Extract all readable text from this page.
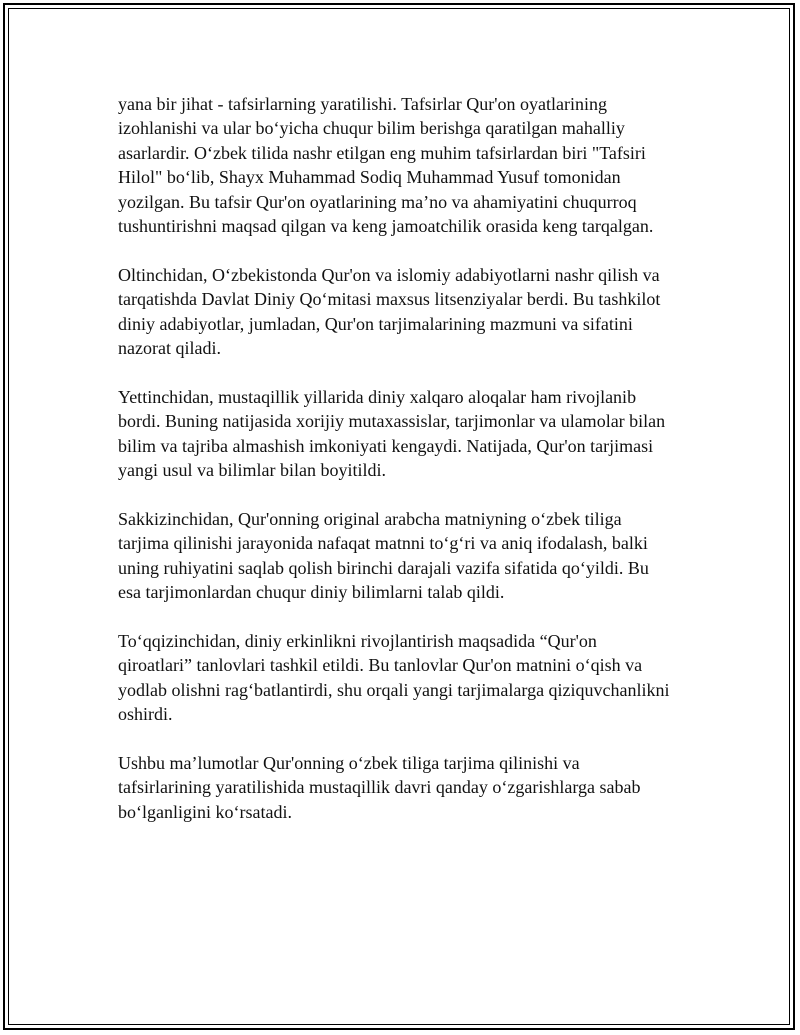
yana bir jihat - tafsirlarning yaratilishi. Tafsirlar Qur'on oyatlarining
izohlanishi va ular bo‘yicha chuqur bilim berishga qaratilgan mahalliy
asarlardir. O‘zbek tilida nashr etilgan eng muhim tafsirlardan biri "Tafsiri
Hilol" bo‘lib, Shayx Muhammad Sodiq Muhammad Yusuf tomonidan
yozilgan. Bu tafsir Qur'on oyatlarining ma’no va ahamiyatini chuqurroq
tushuntirishni maqsad qilgan va keng jamoatchilik orasida keng tarqalgan.

Oltinchidan, O‘zbekistonda Qur'on va islomiy adabiyotlarni nashr qilish va
tarqatishda Davlat Diniy Qo‘mitasi maxsus litsenziyalar berdi. Bu tashkilot
diniy adabiyotlar, jumladan, Qur'on tarjimalarining mazmuni va sifatini
nazorat qiladi.

Yettinchidan, mustaqillik yillarida diniy xalqaro aloqalar ham rivojlanib
bordi. Buning natijasida xorijiy mutaxassislar, tarjimonlar va ulamolar bilan
bilim va tajriba almashish imkoniyati kengaydi. Natijada, Qur'on tarjimasi
yangi usul va bilimlar bilan boyitildi.

Sakkizinchidan, Qur'onning original arabcha matniyning o‘zbek tiliga
tarjima qilinishi jarayonida nafaqat matnni to‘g‘ri va aniq ifodalash, balki
uning ruhiyatini saqlab qolish birinchi darajali vazifa sifatida qo‘yildi. Bu
esa tarjimonlardan chuqur diniy bilimlarni talab qildi.

To‘qqizinchidan, diniy erkinlikni rivojlantirish maqsadida “Qur'on
qiroatlari” tanlovlari tashkil etildi. Bu tanlovlar Qur'on matnini o‘qish va
yodlab olishni rag‘batlantirdi, shu orqali yangi tarjimalarga qiziquvchanlikni
oshirdi.

Ushbu ma’lumotlar Qur'onning o‘zbek tiliga tarjima qilinishi va
tafsirlarining yaratilishida mustaqillik davri qanday o‘zgarishlarga sabab
bo‘lganligini ko‘rsatadi.
